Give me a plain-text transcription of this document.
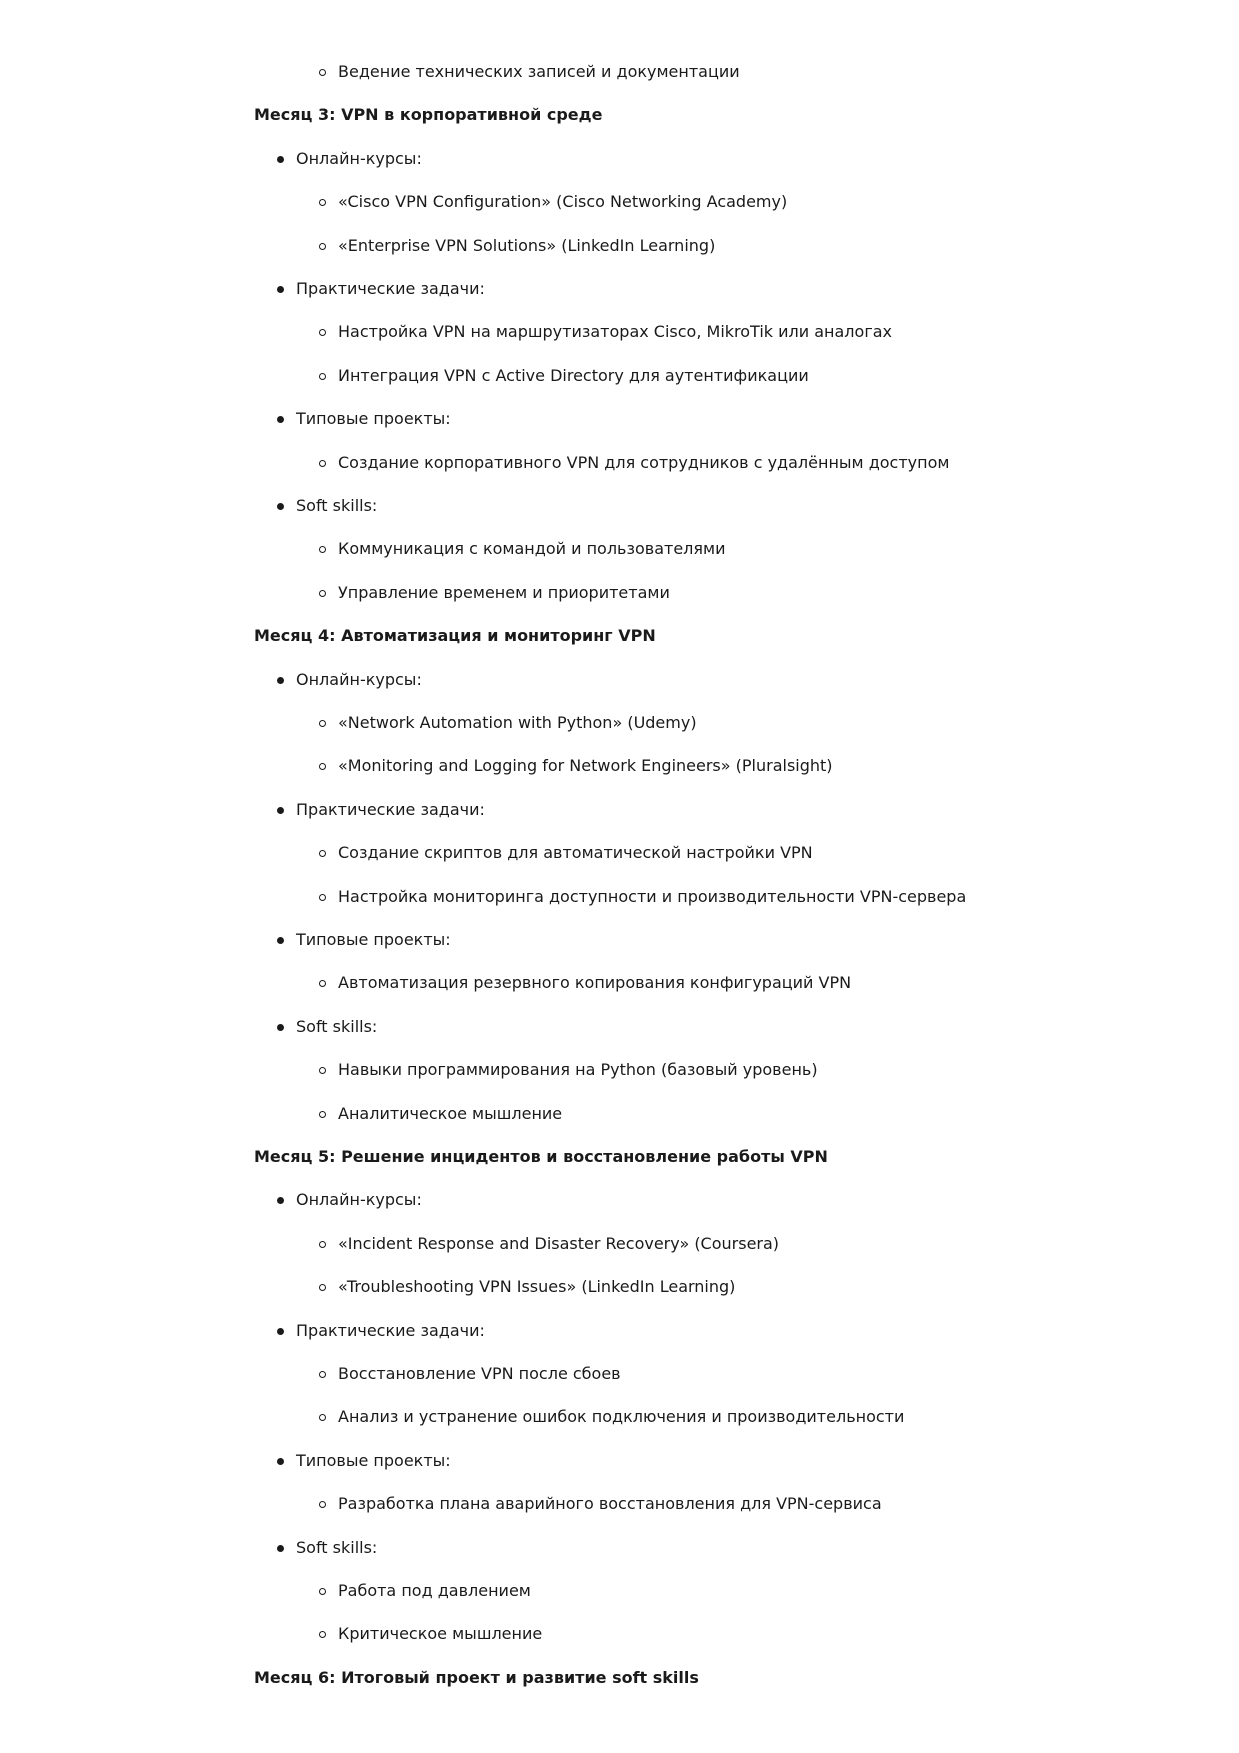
Ведение технических записей и документации
Месяц 3: VPN в корпоративной среде
Онлайн-курсы:
«Cisco VPN Configuration» (Cisco Networking Academy)
«Enterprise VPN Solutions» (LinkedIn Learning)
Практические задачи:
Настройка VPN на маршрутизаторах Cisco, MikroTik или аналогах
Интеграция VPN с Active Directory для аутентификации
Типовые проекты:
Создание корпоративного VPN для сотрудников с удалённым доступом
Soft skills:
Коммуникация с командой и пользователями
Управление временем и приоритетами
Месяц 4: Автоматизация и мониторинг VPN
Онлайн-курсы:
«Network Automation with Python» (Udemy)
«Monitoring and Logging for Network Engineers» (Pluralsight)
Практические задачи:
Создание скриптов для автоматической настройки VPN
Настройка мониторинга доступности и производительности VPN-сервера
Типовые проекты:
Автоматизация резервного копирования конфигураций VPN
Soft skills:
Навыки программирования на Python (базовый уровень)
Аналитическое мышление
Месяц 5: Решение инцидентов и восстановление работы VPN
Онлайн-курсы:
«Incident Response and Disaster Recovery» (Coursera)
«Troubleshooting VPN Issues» (LinkedIn Learning)
Практические задачи:
Восстановление VPN после сбоев
Анализ и устранение ошибок подключения и производительности
Типовые проекты:
Разработка плана аварийного восстановления для VPN-сервиса
Soft skills:
Работа под давлением
Критическое мышление
Месяц 6: Итоговый проект и развитие soft skills
